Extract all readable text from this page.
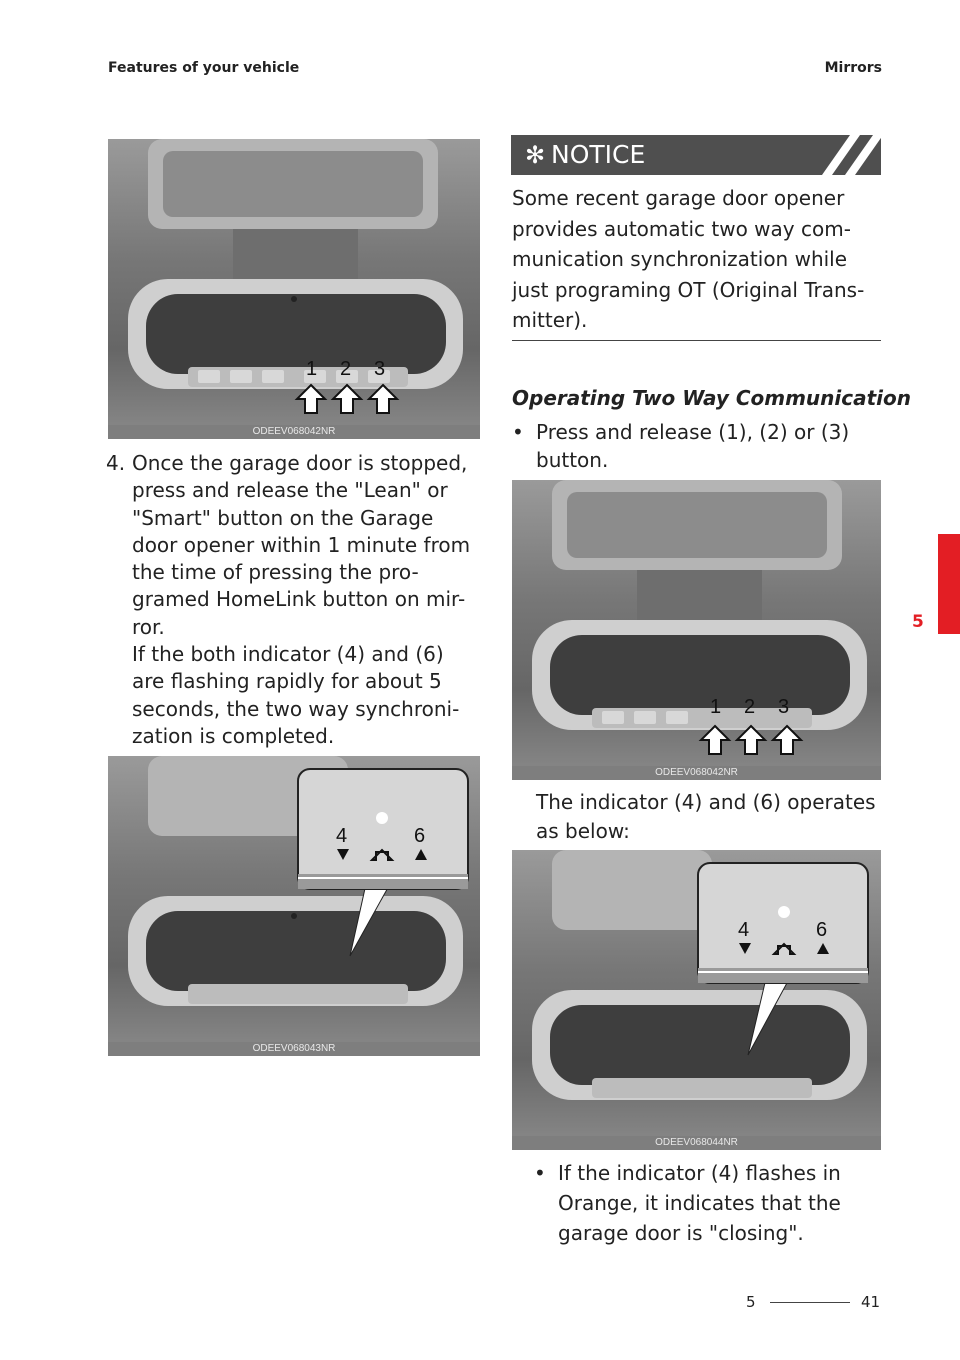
Features of your vehicle	Mirrors
1 2 3
ODEEV068042NR
4. Once the garage door is stopped,
press and release the "Lean" or
"Smart" button on the Garage
door opener within 1 minute from
the time of pressing the pro-
gramed HomeLink button on mir-
ror.
If the both indicator (4) and (6)
are flashing rapidly for about 5
seconds, the two way synchroni-
zation is completed.
4	6
ODEEV068043NR
✻ NOTICE
Some recent garage door opener
provides automatic two way com-
munication synchronization while
just programing OT (Original Trans-
mitter).
Operating Two Way Communication
• Press and release (1), (2) or (3)
button.
1 2 3
ODEEV068042NR
The indicator (4) and (6) operates
as below:
4	6
ODEEV068044NR
• If the indicator (4) flashes in
Orange, it indicates that the
garage door is "closing".
5
5	41
